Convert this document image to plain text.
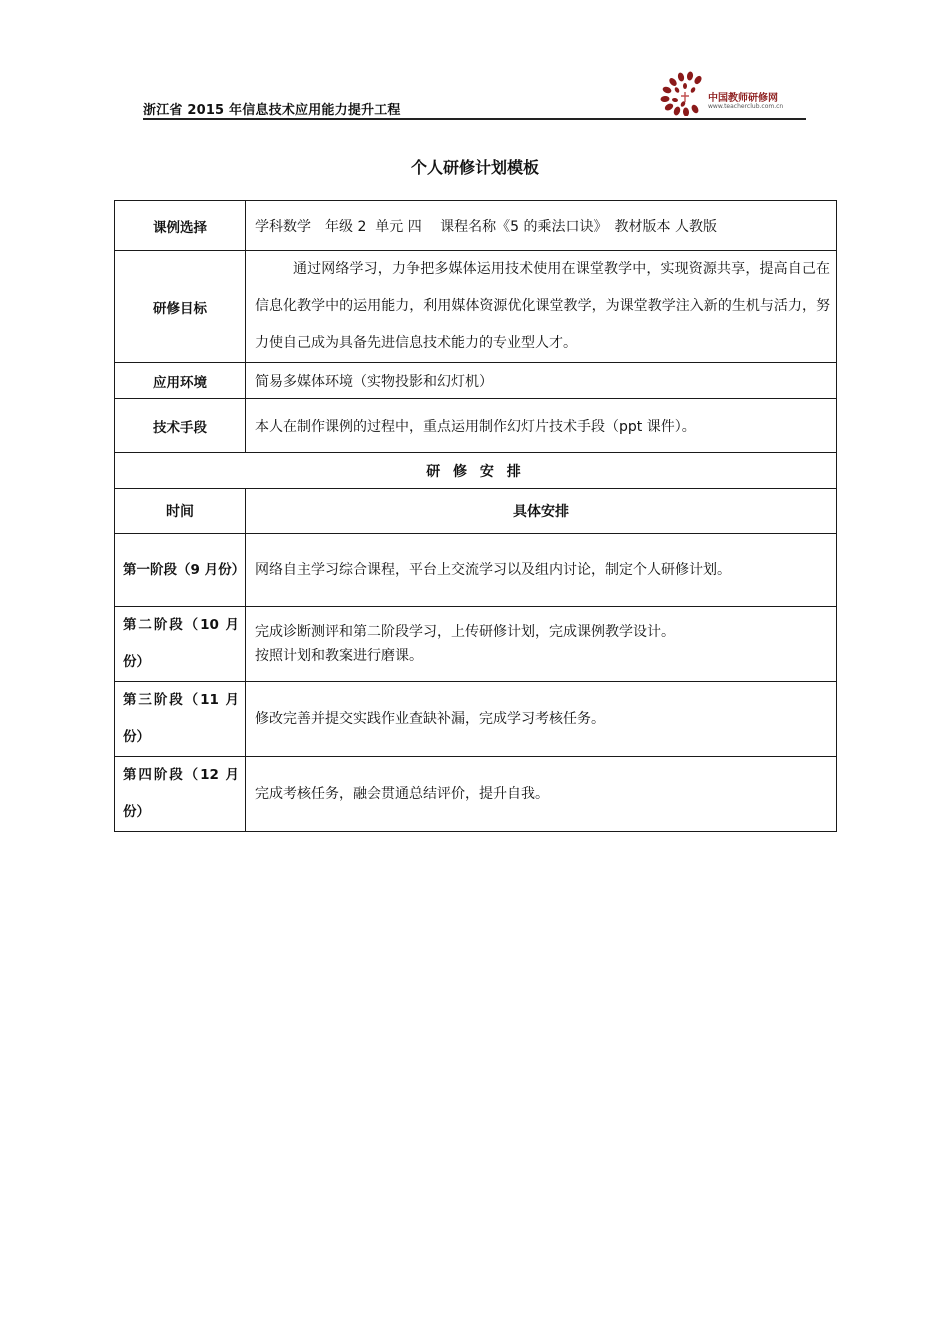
浙江省 2015 年信息技术应用能力提升工程
中国教师研修网
www.teacherclub.com.cn
个人研修计划模板
课例选择	学科数学　年级 2  单元 四　 课程名称《5 的乘法口诀》　教材版本 人教版
研修目标	通过网络学习，力争把多媒体运用技术使用在课堂教学中，实现资源共享，提高自己在信息化教学中的运用能力，利用媒体资源优化课堂教学，为课堂教学注入新的生机与活力，努力使自己成为具备先进信息技术能力的专业型人才。

应用环境	简易多媒体环境（实物投影和幻灯机）
技术手段	本人在制作课例的过程中，重点运用制作幻灯片技术手段（ppt 课件）。
研 修 安 排	
时间	具体安排
第一阶段（9 月份）	网络自主学习综合课程，平台上交流学习以及组内讨论，制定个人研修计划。

第二阶段（10 月份）	完成诊断测评和第二阶段学习，上传研修计划，完成课例教学设计。
按照计划和教案进行磨课。

第三阶段（11 月份）	修改完善并提交实践作业查缺补漏，完成学习考核任务。

第四阶段（12 月份）	完成考核任务，融会贯通总结评价，提升自我。
